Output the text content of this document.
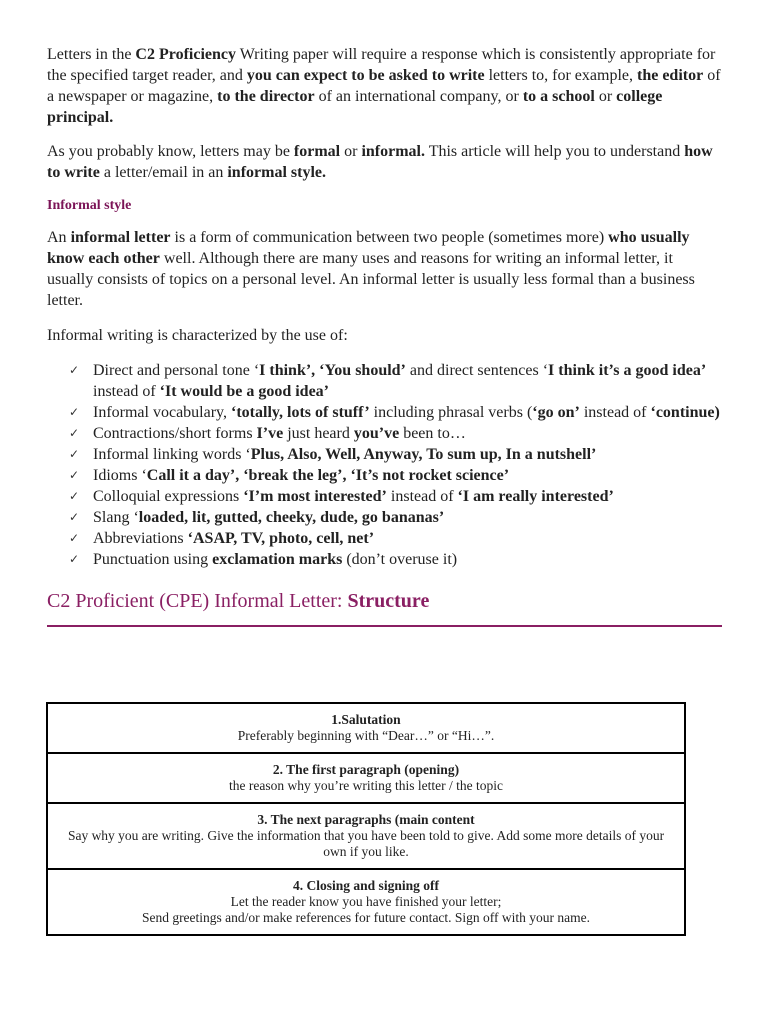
Letters in the C2 Proficiency Writing paper will require a response which is consistently appropriate for the specified target reader, and you can expect to be asked to write letters to, for example, the editor of a newspaper or magazine, to the director of an international company, or to a school or college principal.

As you probably know, letters may be formal or informal. This article will help you to understand how to write a letter/email in an informal style.

Informal style

An informal letter is a form of communication between two people (sometimes more) who usually know each other well. Although there are many uses and reasons for writing an informal letter, it usually consists of topics on a personal level. An informal letter is usually less formal than a business letter.

Informal writing is characterized by the use of:

✓ Direct and personal tone ‘I think’, ‘You should’ and direct sentences ‘I think it’s a good idea’ instead of ‘It would be a good idea’
✓ Informal vocabulary, ‘totally, lots of stuff’ including phrasal verbs (‘go on’ instead of ‘continue)
✓ Contractions/short forms I’ve just heard you’ve been to…
✓ Informal linking words ‘Plus, Also, Well, Anyway, To sum up, In a nutshell’
✓ Idioms ‘Call it a day’, ‘break the leg’, ‘It’s not rocket science’
✓ Colloquial expressions ‘I’m most interested’ instead of ‘I am really interested’
✓ Slang ‘loaded, lit, gutted, cheeky, dude, go bananas’
✓ Abbreviations ‘ASAP, TV, photo, cell, net’
✓ Punctuation using exclamation marks (don’t overuse it)
C2 Proficient (CPE) Informal Letter: Structure
1.Salutation
Preferably beginning with “Dear…” or “Hi…”.
2. The first paragraph (opening)
the reason why you’re writing this letter / the topic
3. The next paragraphs (main content
Say why you are writing. Give the information that you have been told to give. Add some more details of your own if you like.
4. Closing and signing off
Let the reader know you have finished your letter;
Send greetings and/or make references for future contact. Sign off with your name.
